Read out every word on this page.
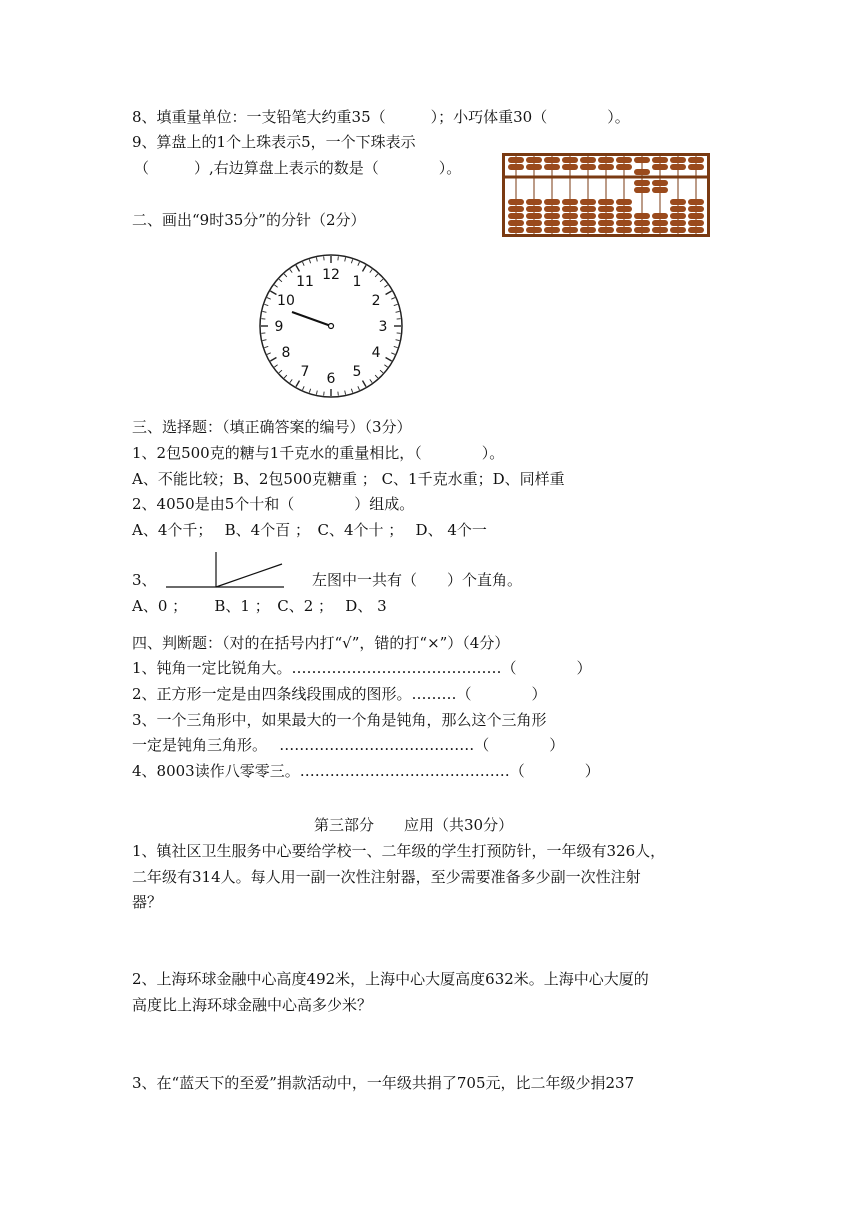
8、填重量单位：一支铅笔大约重35（　　　）；小巧体重30（　　　　）。
9、算盘上的1个上珠表示5，一个下珠表示
（　　　）,右边算盘上表示的数是（　　　　）。
二、画出“9时35分”的分针（2分）
12 1
2
3
4
5
6
7
8
9
10
11
三、选择题：（填正确答案的编号）（3分）
1、2包500克的糖与1千克水的重量相比，（　　　　）。
A、不能比较；B、2包500克糖重 ； C、1千克水重；D、同样重
2、4050是由5个十和（　　　　）组成。
A、4个千；　 B、4个百 ；　C、4个十 ；　 D、 4个一
3、	左图中一共有（　　）个直角。
A、0 ；　　 B、1 ；　C、2 ；　 D、 3
四、判断题：（对的在括号内打“√”，错的打“×”）（4分）
1、钝角一定比锐角大。……………………………………（　　　　）
2、正方形一定是由四条线段围成的图形。………（　　　　）
3、一个三角形中，如果最大的一个角是钝角，那么这个三角形
一定是钝角三角形。　 …………………………………（　　　　）
4、8003读作八零零三。……………………………………（　　　　）
第三部分　　应用（共30分）
1、镇社区卫生服务中心要给学校一、二年级的学生打预防针，一年级有326人，
二年级有314人。每人用一副一次性注射器，至少需要准备多少副一次性注射
器？
2、上海环球金融中心高度492米，上海中心大厦高度632米。上海中心大厦的
高度比上海环球金融中心高多少米？
3、在“蓝天下的至爱”捐款活动中，一年级共捐了705元，比二年级少捐237
